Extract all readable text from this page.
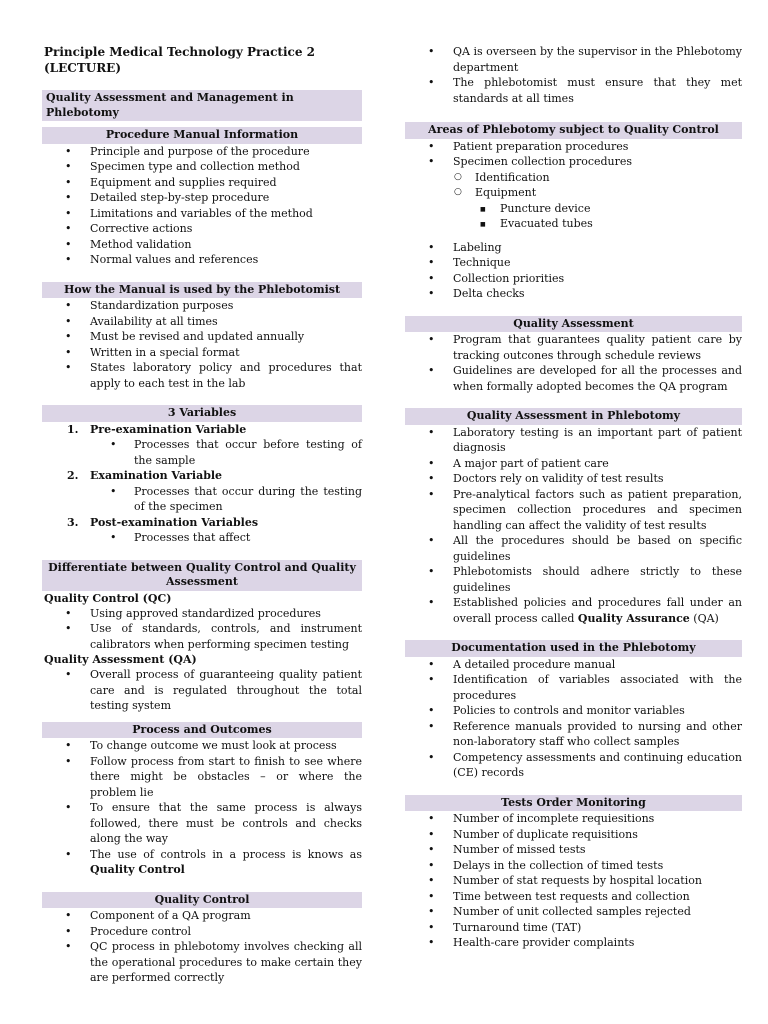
Principle Medical Technology Practice 2 (LECTURE)
Quality Assessment and Management in Phlebotomy
Procedure Manual Information
• Principle and purpose of the procedure
• Specimen type and collection method
• Equipment and supplies required
• Detailed step-by-step procedure
• Limitations and variables of the method
• Corrective actions
• Method validation
• Normal values and references
How the Manual is used by the Phlebotomist
• Standardization purposes
• Availability at all times
• Must be revised and updated annually
• Written in a special format
• States laboratory policy and procedures that apply to each test in the lab
3 Variables
1. Pre-examination Variable
• Processes that occur before testing of the sample
2. Examination Variable
• Processes that occur during the testing of the specimen
3. Post-examination Variables
• Processes that affect
Differentiate between Quality Control and Quality Assessment
Quality Control (QC)
• Using approved standardized procedures
• Use of standards, controls, and instrument calibrators when performing specimen testing
Quality Assessment (QA)
• Overall process of guaranteeing quality patient care and is regulated throughout the total testing system
Process and Outcomes
• To change outcome we must look at process
• Follow process from start to finish to see where there might be obstacles – or where the problem lie
• To ensure that the same process is always followed, there must be controls and checks along the way
• The use of controls in a process is knows as Quality Control
Quality Control
• Component of a QA program
• Procedure control
• QC process in phlebotomy involves checking all the operational procedures to make certain they are performed correctly
• QA is overseen by the supervisor in the Phlebotomy department
• The phlebotomist must ensure that they met standards at all times
Areas of Phlebotomy subject to Quality Control
• Patient preparation procedures
• Specimen collection procedures
○ Identification
○ Equipment
■ Puncture device
■ Evacuated tubes
• Labeling
• Technique
• Collection priorities
• Delta checks
Quality Assessment
• Program that guarantees quality patient care by tracking outcones through schedule reviews
• Guidelines are developed for all the processes and when formally adopted becomes the QA program
Quality Assessment in Phlebotomy
• Laboratory testing is an important part of patient diagnosis
• A major part of patient care
• Doctors rely on validity of test results
• Pre-analytical factors such as patient preparation, specimen collection procedures and specimen handling can affect the validity of test results
• All the procedures should be based on specific guidelines
• Phlebotomists should adhere strictly to these guidelines
• Established policies and procedures fall under an overall process called Quality Assurance (QA)
Documentation used in the Phlebotomy
• A detailed procedure manual
• Identification of variables associated with the procedures
• Policies to controls and monitor variables
• Reference manuals provided to nursing and other non-laboratory staff who collect samples
• Competency assessments and continuing education (CE) records
Tests Order Monitoring
• Number of incomplete requiesitions
• Number of duplicate requisitions
• Number of missed tests
• Delays in the collection of timed tests
• Number of stat requests by hospital location
• Time between test requests and collection
• Number of unit collected samples rejected
• Turnaround time (TAT)
• Health-care provider complaints
